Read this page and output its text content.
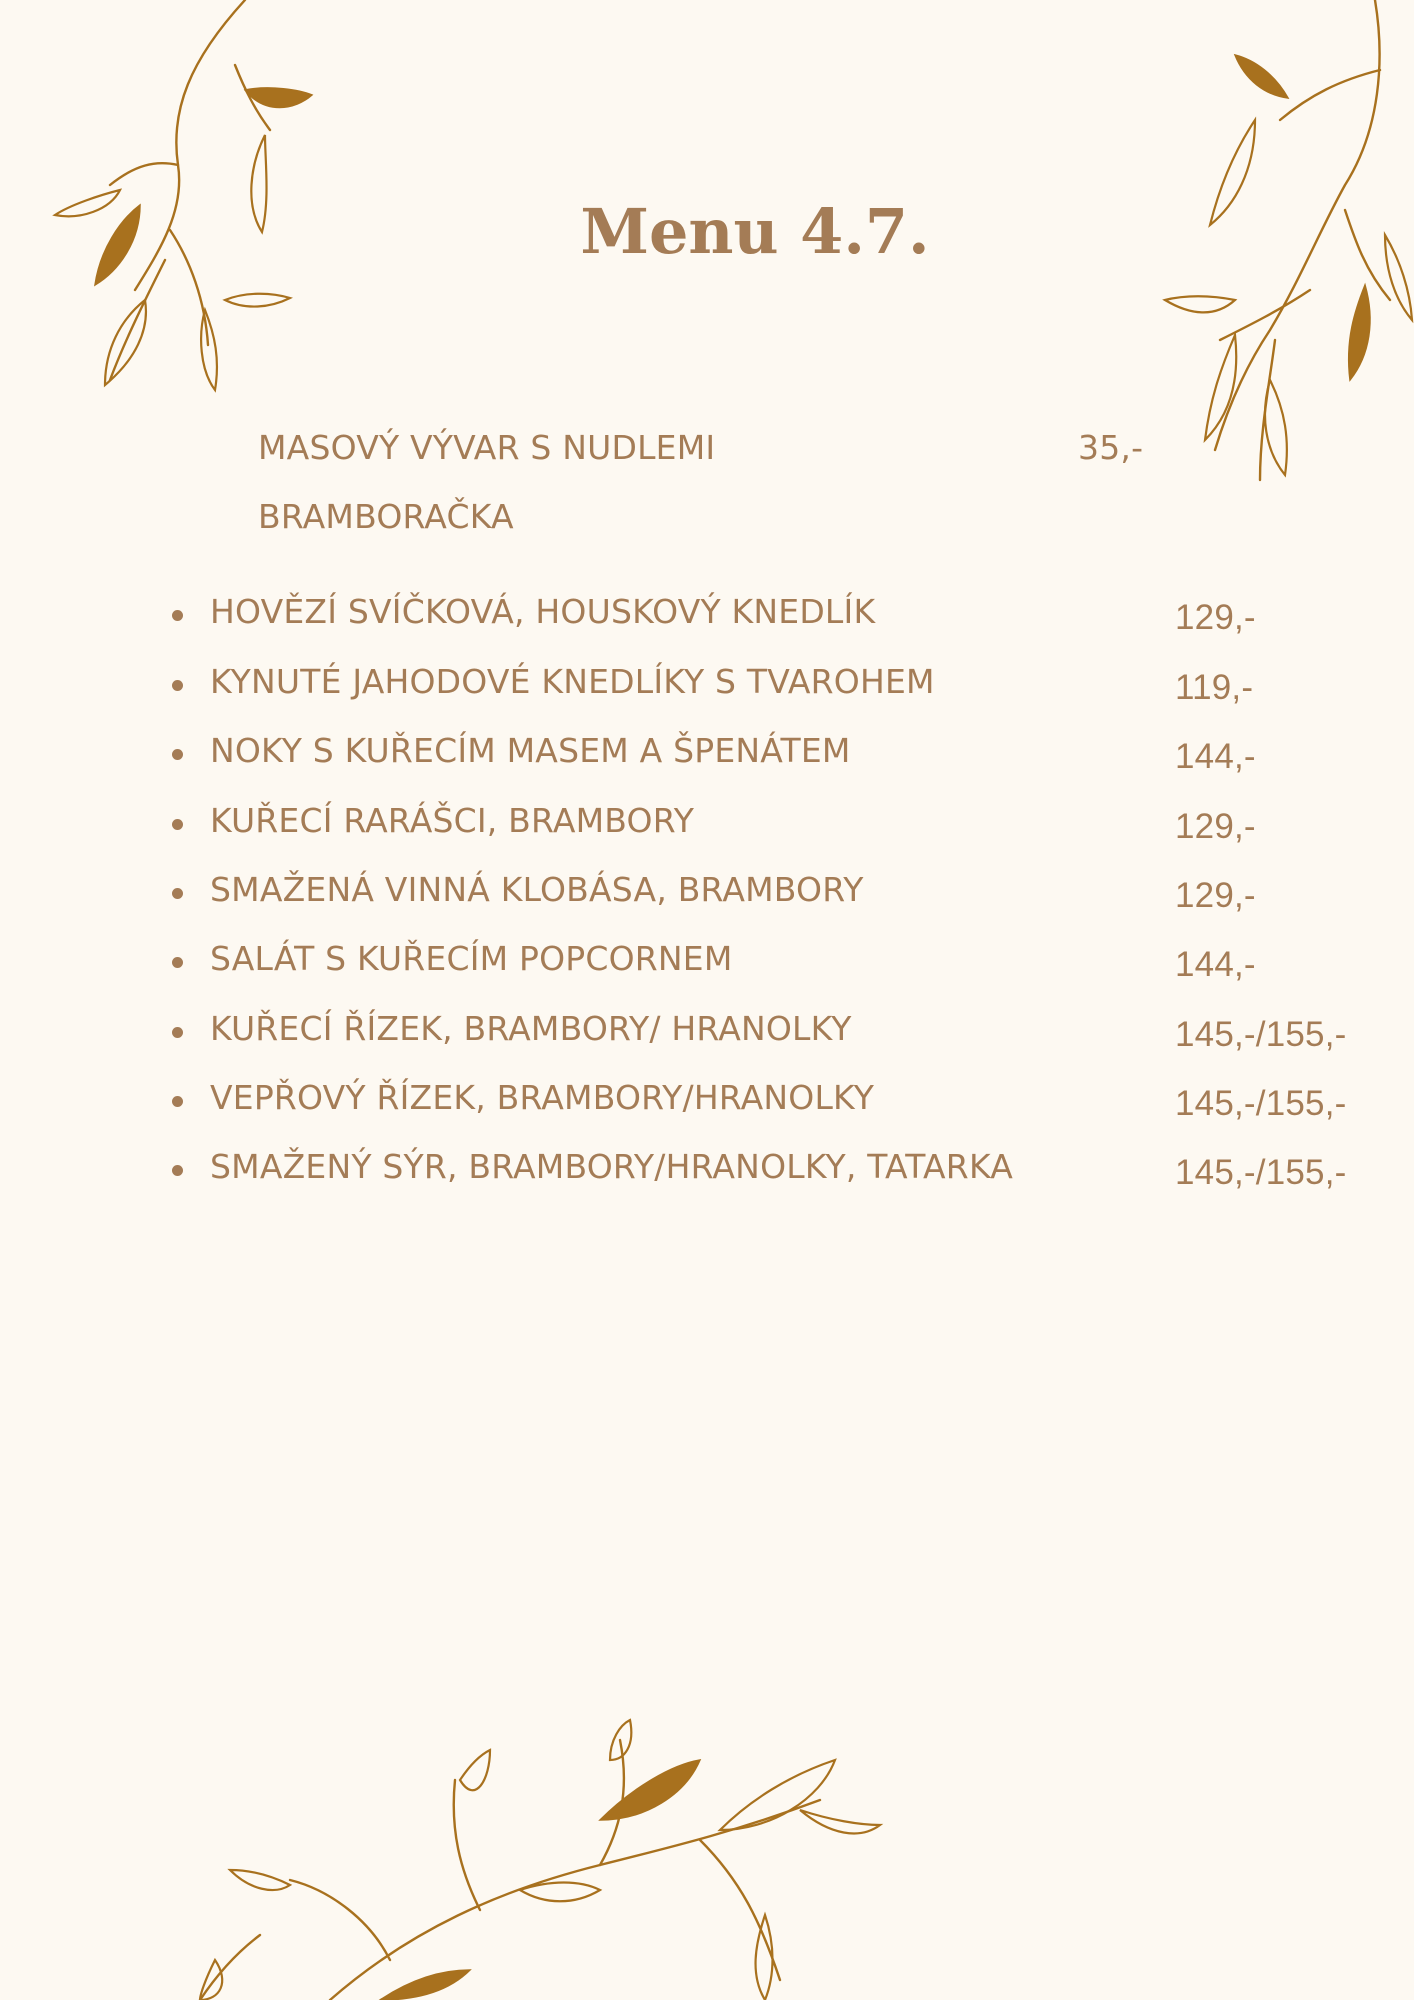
Menu 4.7.
MASOVÝ VÝVAR S NUDLEMI	35,-
BRAMBORAČKA
HOVĚZÍ SVÍČKOVÁ, HOUSKOVÝ KNEDLÍK	129,-
KYNUTÉ JAHODOVÉ KNEDLÍKY S TVAROHEM	119,-
NOKY S KUŘECÍM MASEM A ŠPENÁTEM	144,-
KUŘECÍ RARÁŠCI, BRAMBORY	129,-
SMAŽENÁ VINNÁ KLOBÁSA, BRAMBORY	129,-
SALÁT S KUŘECÍM POPCORNEM	144,-
KUŘECÍ ŘÍZEK, BRAMBORY/ HRANOLKY	145,-/155,-
VEPŘOVÝ ŘÍZEK, BRAMBORY/HRANOLKY	145,-/155,-
SMAŽENÝ SÝR, BRAMBORY/HRANOLKY, TATARKA	145,-/155,-
